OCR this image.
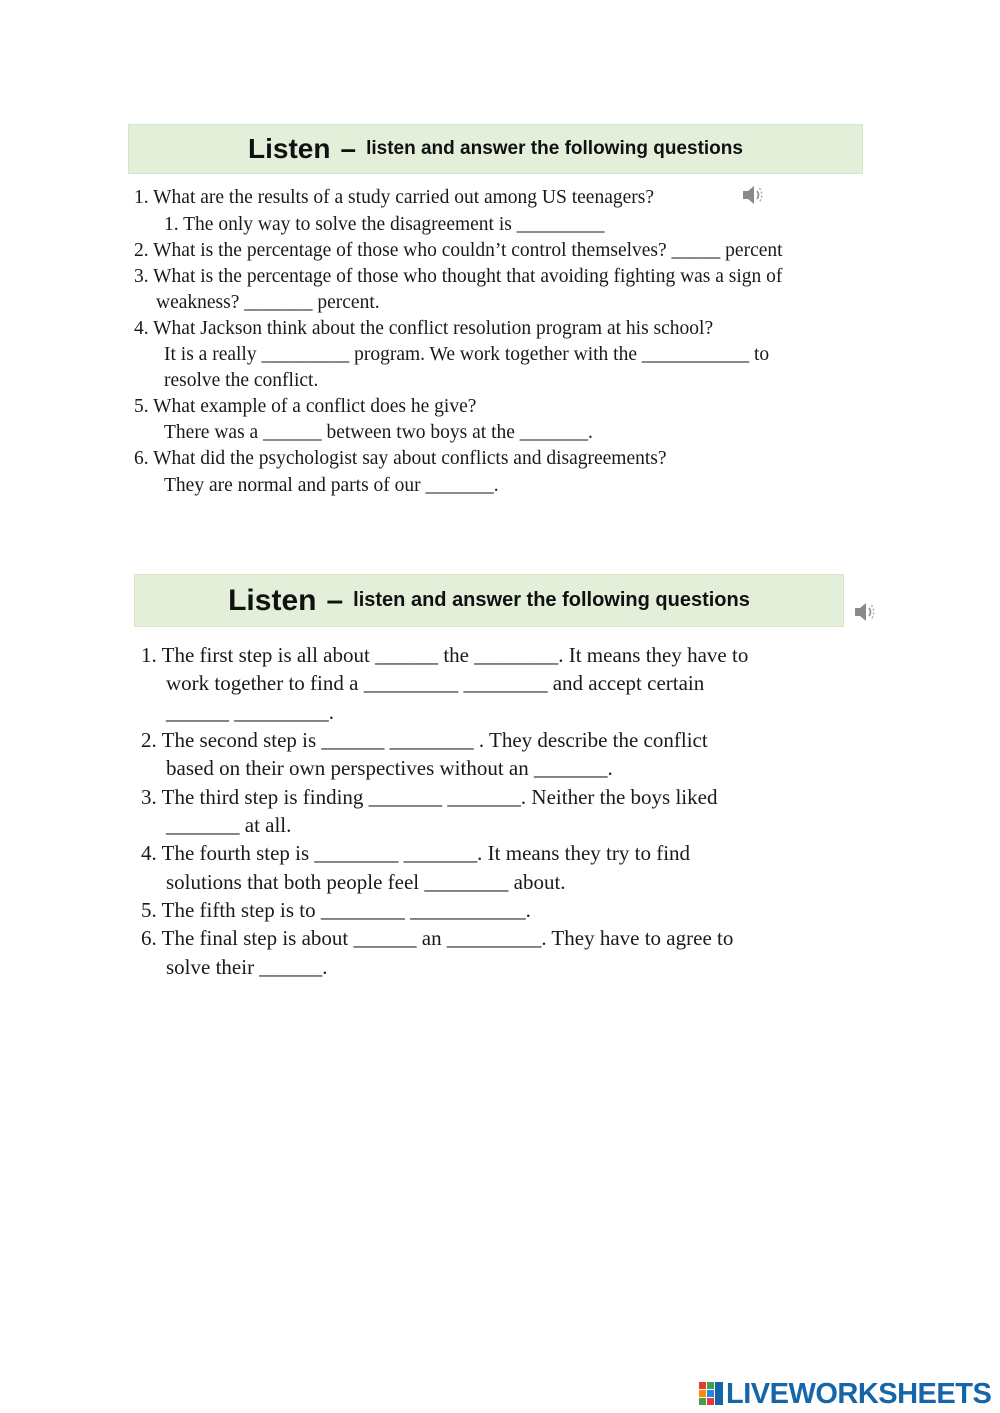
Listen – listen and answer the following questions
1. What are the results of a study carried out among US teenagers?
1. The only way to solve the disagreement is _________
2. What is the percentage of those who couldn’t control themselves? _____ percent
3. What is the percentage of those who thought that avoiding fighting was a sign of
weakness? _______ percent.
4. What Jackson think about the conflict resolution program at his school?
It is a really _________ program. We work together with the ___________ to
resolve the conflict.
5. What example of a conflict does he give?
There was a ______ between two boys at the _______.
6. What did the psychologist say about conflicts and disagreements?
They are normal and parts of our _______.
Listen – listen and answer the following questions
1. The first step is all about ______ the ________. It means they have to
work together to find a _________ ________ and accept certain
______ _________.
2. The second step is ______ ________ . They describe the conflict
based on their own perspectives without an _______.
3. The third step is finding _______ _______. Neither the boys liked
_______ at all.
4. The fourth step is ________ _______. It means they try to find
solutions that both people feel ________ about.
5. The fifth step is to ________ ___________.
6. The final step is about ______ an _________. They have to agree to
solve their ______.
LIVEWORKSHEETS
